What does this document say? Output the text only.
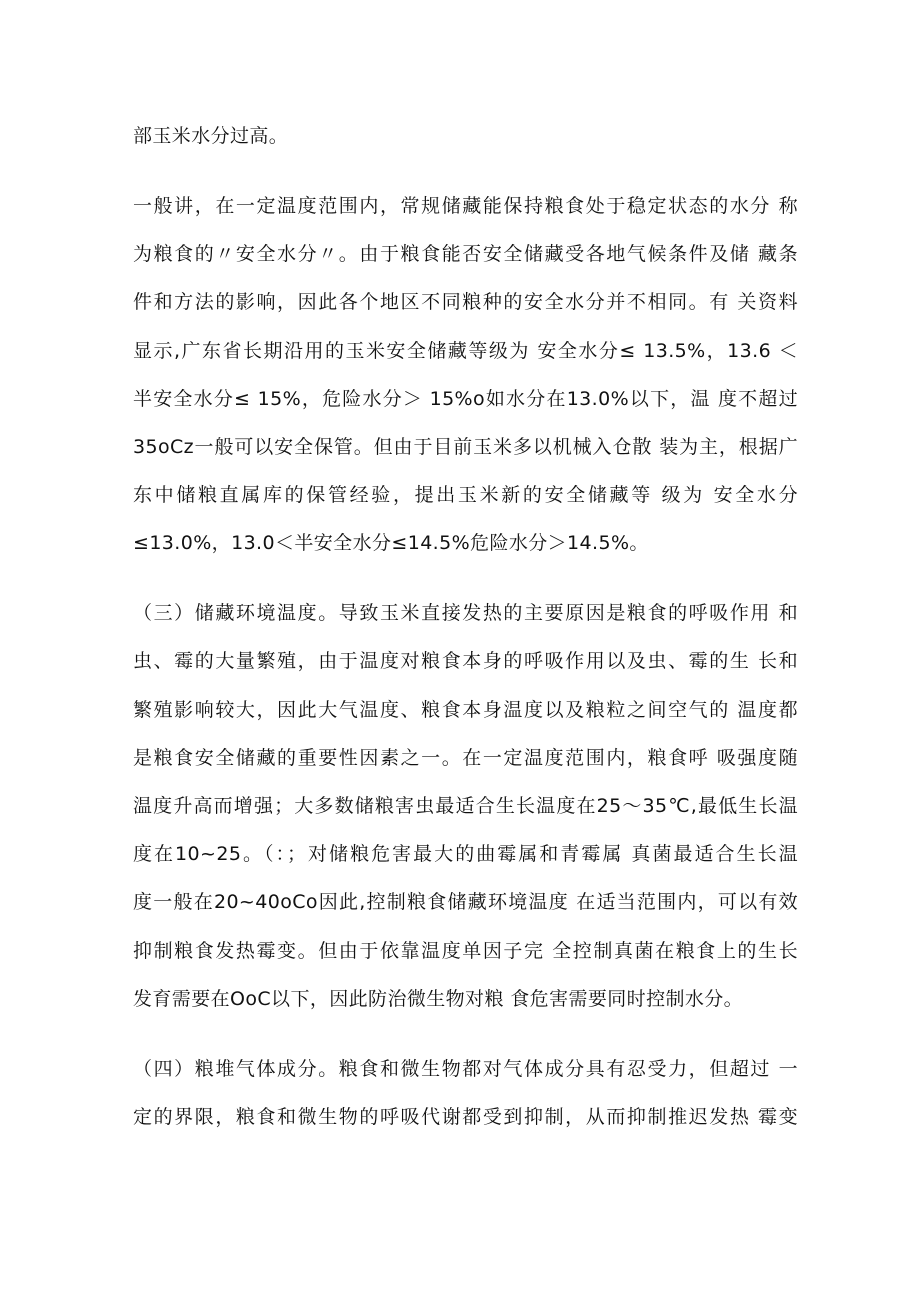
部玉米水分过高。
一般讲，在一定温度范围内，常规储藏能保持粮食处于稳定状态的水分 称
为粮食的〃安全水分〃。由于粮食能否安全储藏受各地气候条件及储 藏条
件和方法的影响，因此各个地区不同粮种的安全水分并不相同。有 关资料
显示,广东省长期沿用的玉米安全储藏等级为 安全水分≤ 13.5%，13.6 ＜
半安全水分≤ 15%，危险水分＞ 15%o如水分在13.0%以下，温 度不超过
35oCz一般可以安全保管。但由于目前玉米多以机械入仓散 装为主，根据广
东中储粮直属库的保管经验，提出玉米新的安全储藏等 级为 安全水分
≤13.0%，13.0＜半安全水分≤14.5%危险水分＞14.5%。
（三）储藏环境温度。导致玉米直接发热的主要原因是粮食的呼吸作用 和
虫、霉的大量繁殖，由于温度对粮食本身的呼吸作用以及虫、霉的生 长和
繁殖影响较大，因此大气温度、粮食本身温度以及粮粒之间空气的 温度都
是粮食安全储藏的重要性因素之一。在一定温度范围内，粮食呼 吸强度随
温度升高而增强；大多数储粮害虫最适合生长温度在25～35℃,最低生长温
度在10~25。（：；对储粮危害最大的曲霉属和青霉属 真菌最适合生长温
度一般在20~40oCo因此,控制粮食储藏环境温度 在适当范围内，可以有效
抑制粮食发热霉变。但由于依靠温度单因子完 全控制真菌在粮食上的生长
发育需要在OoC以下，因此防治微生物对粮 食危害需要同时控制水分。
（四）粮堆气体成分。粮食和微生物都对气体成分具有忍受力，但超过 一
定的界限，粮食和微生物的呼吸代谢都受到抑制，从而抑制推迟发热 霉变
